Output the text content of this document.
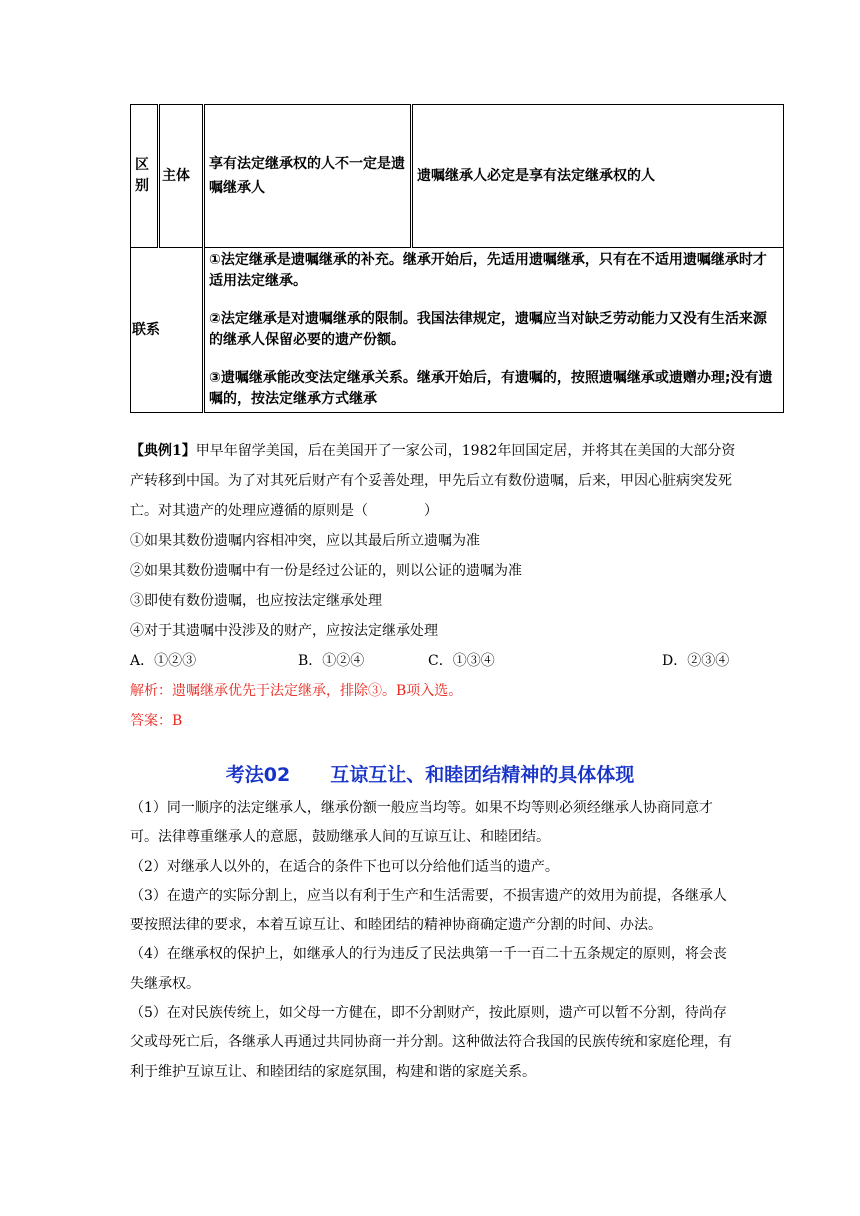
区别	主体	享有法定继承权的人不一定是遗嘱继承人	遗嘱继承人必定是享有法定继承权的人
联系		①法定继承是遗嘱继承的补充。继承开始后，先适用遗嘱继承，只有在不适用遗嘱继承时才适用法定继承。

②法定继承是对遗嘱继承的限制。我国法律规定，遗嘱应当对缺乏劳动能力又没有生活来源的继承人保留必要的遗产份额。

③遗嘱继承能改变法定继承关系。继承开始后，有遗嘱的，按照遗嘱继承或遗赠办理;没有遗嘱的，按法定继承方式继承	

【典例1】甲早年留学美国，后在美国开了一家公司，1982年回国定居，并将其在美国的大部分资产转移到中国。为了对其死后财产有个妥善处理，甲先后立有数份遗嘱，后来，甲因心脏病突发死亡。对其遗产的处理应遵循的原则是（　　　　）

①如果其数份遗嘱内容相冲突，应以其最后所立遗嘱为准

②如果其数份遗嘱中有一份是经过公证的，则以公证的遗嘱为准

③即使有数份遗嘱，也应按法定继承处理

④对于其遗嘱中没涉及的财产，应按法定继承处理

A．①②③	B．①②④	C．①③④	D．②③④

解析：遗嘱继承优先于法定继承，排除③。B项入选。

答案：B

考法02 互谅互让、和睦团结精神的具体体现

（1）同一顺序的法定继承人，继承份额一般应当均等。如果不均等则必须经继承人协商同意才可。法律尊重继承人的意愿，鼓励继承人间的互谅互让、和睦团结。

（2）对继承人以外的，在适合的条件下也可以分给他们适当的遗产。

（3）在遗产的实际分割上，应当以有利于生产和生活需要，不损害遗产的效用为前提，各继承人要按照法律的要求，本着互谅互让、和睦团结的精神协商确定遗产分割的时间、办法。

（4）在继承权的保护上，如继承人的行为违反了民法典第一千一百二十五条规定的原则，将会丧失继承权。

（5）在对民族传统上，如父母一方健在，即不分割财产，按此原则，遗产可以暂不分割，待尚存父或母死亡后，各继承人再通过共同协商一并分割。这种做法符合我国的民族传统和家庭伦理，有利于维护互谅互让、和睦团结的家庭氛围，构建和谐的家庭关系。
